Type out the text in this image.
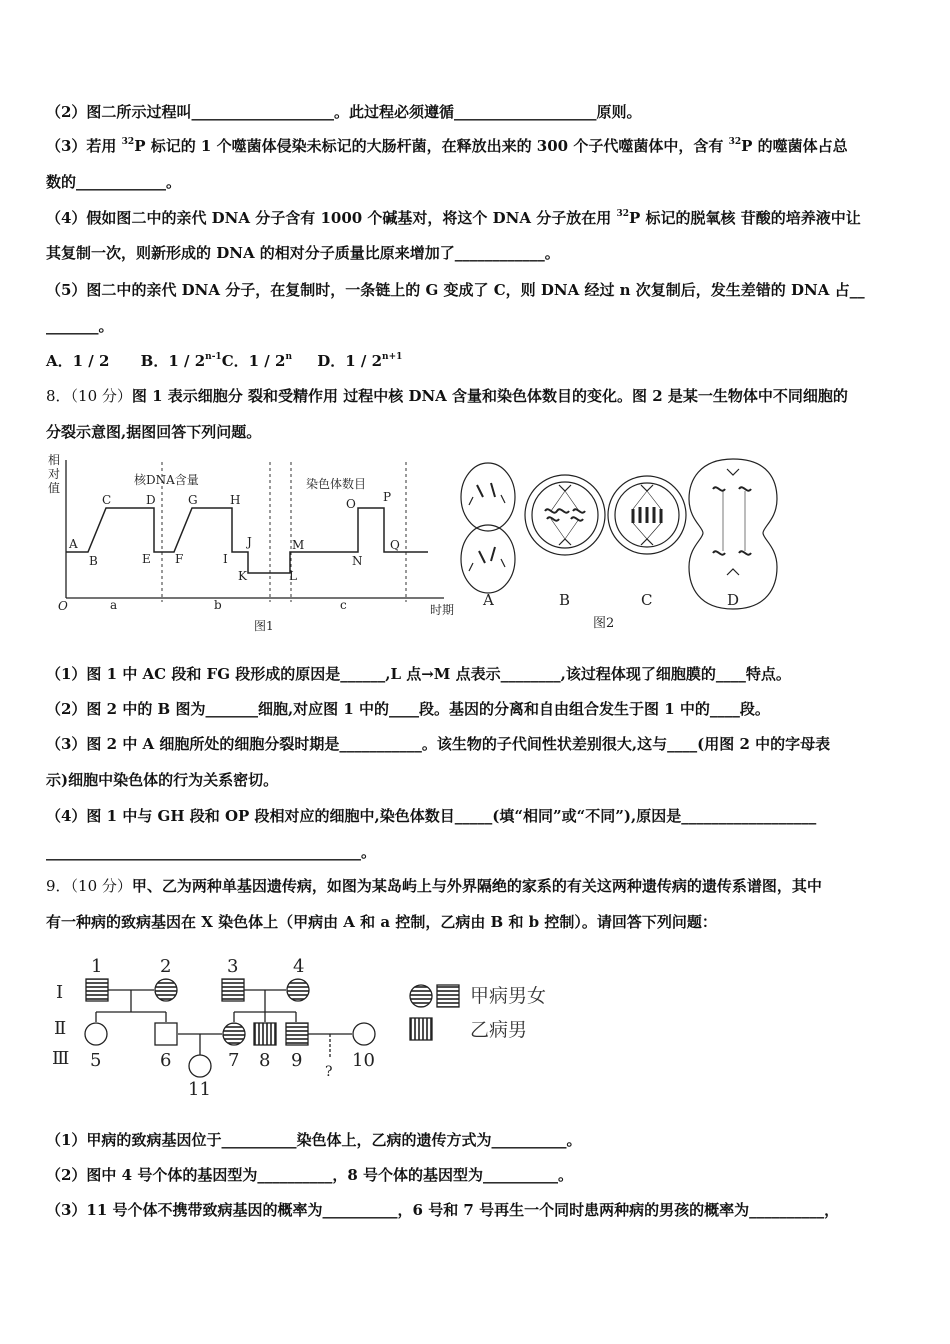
（2）图二所示过程叫___________________。此过程必须遵循___________________原则。
（3）若用 $^{32}$P 标记的 1 个噬菌体侵染未标记的大肠杆菌，在释放出来的 300 个子代噬菌体中，含有 $^{32}$P 的噬菌体占总
数的____________。
（4）假如图二中的亲代 DNA 分子含有 1000 个碱基对，将这个 DNA 分子放在用 $^{32}$P 标记的脱氧核 苷酸的培养液中让
其复制一次，则新形成的 DNA 的相对分子质量比原来增加了____________。
（5）图二中的亲代 DNA 分子，在复制时，一条链上的 G 变成了 C，则 DNA 经过 n 次复制后，发生差错的 DNA 占__
_______。
A．1 / 2 B．1 / 2$^{n-1}$C．1 / 2$^n$ D．$1 / 2^{n+1}$
8．（10 分）图 1 表示细胞分 裂和受精作用 过程中核 DNA 含量和染色体数目的变化。图 2 是某一生物体中不同细胞的
分裂示意图,据图回答下列问题。
相
对
值
核DNA含量	染色体数目
O	时期
图1
A
B
C	D
E F
G	H
I
J
K	L
M
N
O P
Q
a	b	c	A	B	C	D
图2
（1）图 1 中 AC 段和 FG 段形成的原因是______,L 点→M 点表示________,该过程体现了细胞膜的____特点。
（2）图 2 中的 B 图为_______细胞,对应图 1 中的____段。基因的分离和自由组合发生于图 1 中的____段。
（3）图 2 中 A 细胞所处的细胞分裂时期是___________。该生物的子代间性状差别很大,这与____(用图 2 中的字母表
示)细胞中染色体的行为关系密切。
（4）图 1 中与 GH 段和 OP 段相对应的细胞中,染色体数目_____(填“相同”或“不同”),原因是__________________
__________________________________________。
9．（10 分）甲、乙为两种单基因遗传病，如图为某岛屿上与外界隔绝的家系的有关这两种遗传病的遗传系谱图，其中
有一种病的致病基因在 X 染色体上（甲病由 A 和 a 控制，乙病由 B 和 b 控制）。请回答下列问题：
Ⅰ
Ⅱ
Ⅲ
1	2	3	4
5	6	7 8 9	10
11
?
甲病男女
乙病男
（1）甲病的致病基因位于__________染色体上，乙病的遗传方式为__________。
（2）图中 4 号个体的基因型为__________，8 号个体的基因型为__________。
（3）11 号个体不携带致病基因的概率为__________，6 号和 7 号再生一个同时患两种病的男孩的概率为__________，
